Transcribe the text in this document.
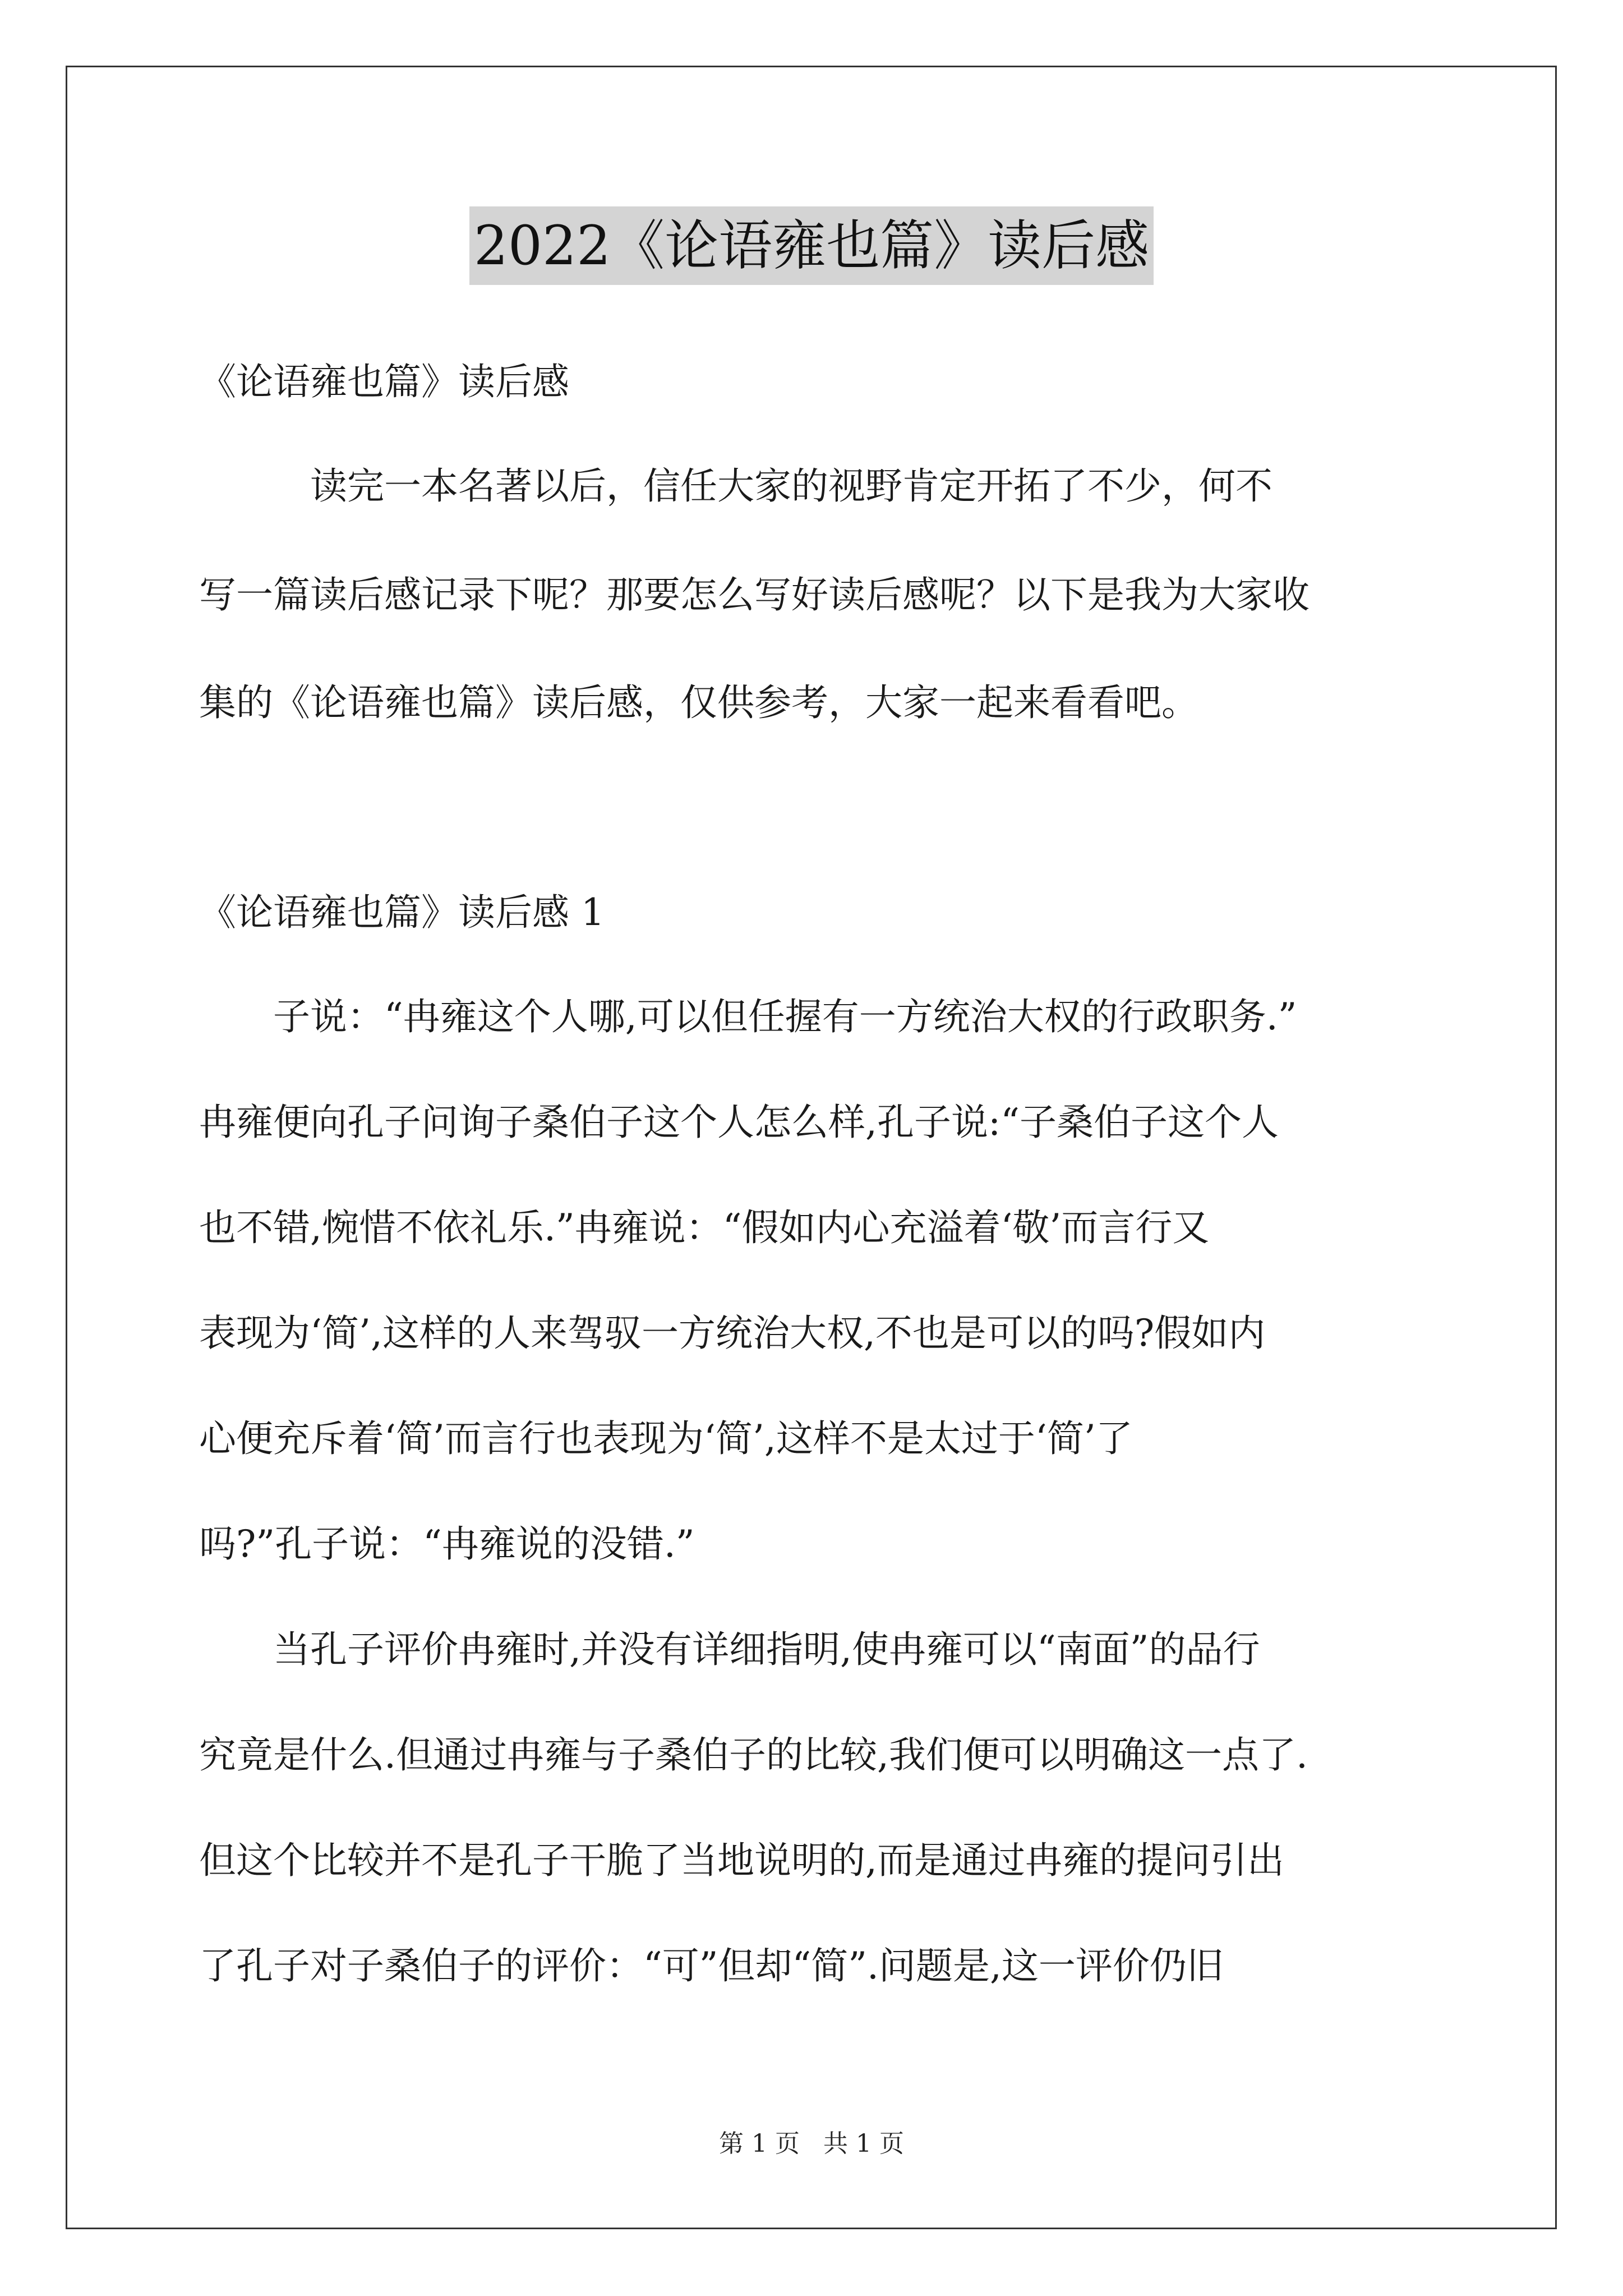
2022《论语雍也篇》读后感
《论语雍也篇》读后感
　　　读完一本名著以后，信任大家的视野肯定开拓了不少，何不
写一篇读后感记录下呢？那要怎么写好读后感呢？以下是我为大家收
集的《论语雍也篇》读后感，仅供参考，大家一起来看看吧。
《论语雍也篇》读后感 1
　　子说：“冉雍这个人哪,可以但任握有一方统治大权的行政职务.”
冉雍便向孔子问询子桑伯子这个人怎么样,孔子说:“子桑伯子这个人
也不错,惋惜不依礼乐.”冉雍说：“假如内心充溢着‘敬’而言行又
表现为‘简’,这样的人来驾驭一方统治大权,不也是可以的吗?假如内
心便充斥着‘简’而言行也表现为‘简’,这样不是太过于‘简’了
吗?”孔子说：“冉雍说的没错.”
　　当孔子评价冉雍时,并没有详细指明,使冉雍可以“南面”的品行
究竟是什么.但通过冉雍与子桑伯子的比较,我们便可以明确这一点了.
但这个比较并不是孔子干脆了当地说明的,而是通过冉雍的提问引出
了孔子对子桑伯子的评价：“可”但却“简”.问题是,这一评价仍旧
第 1 页 共 1 页
